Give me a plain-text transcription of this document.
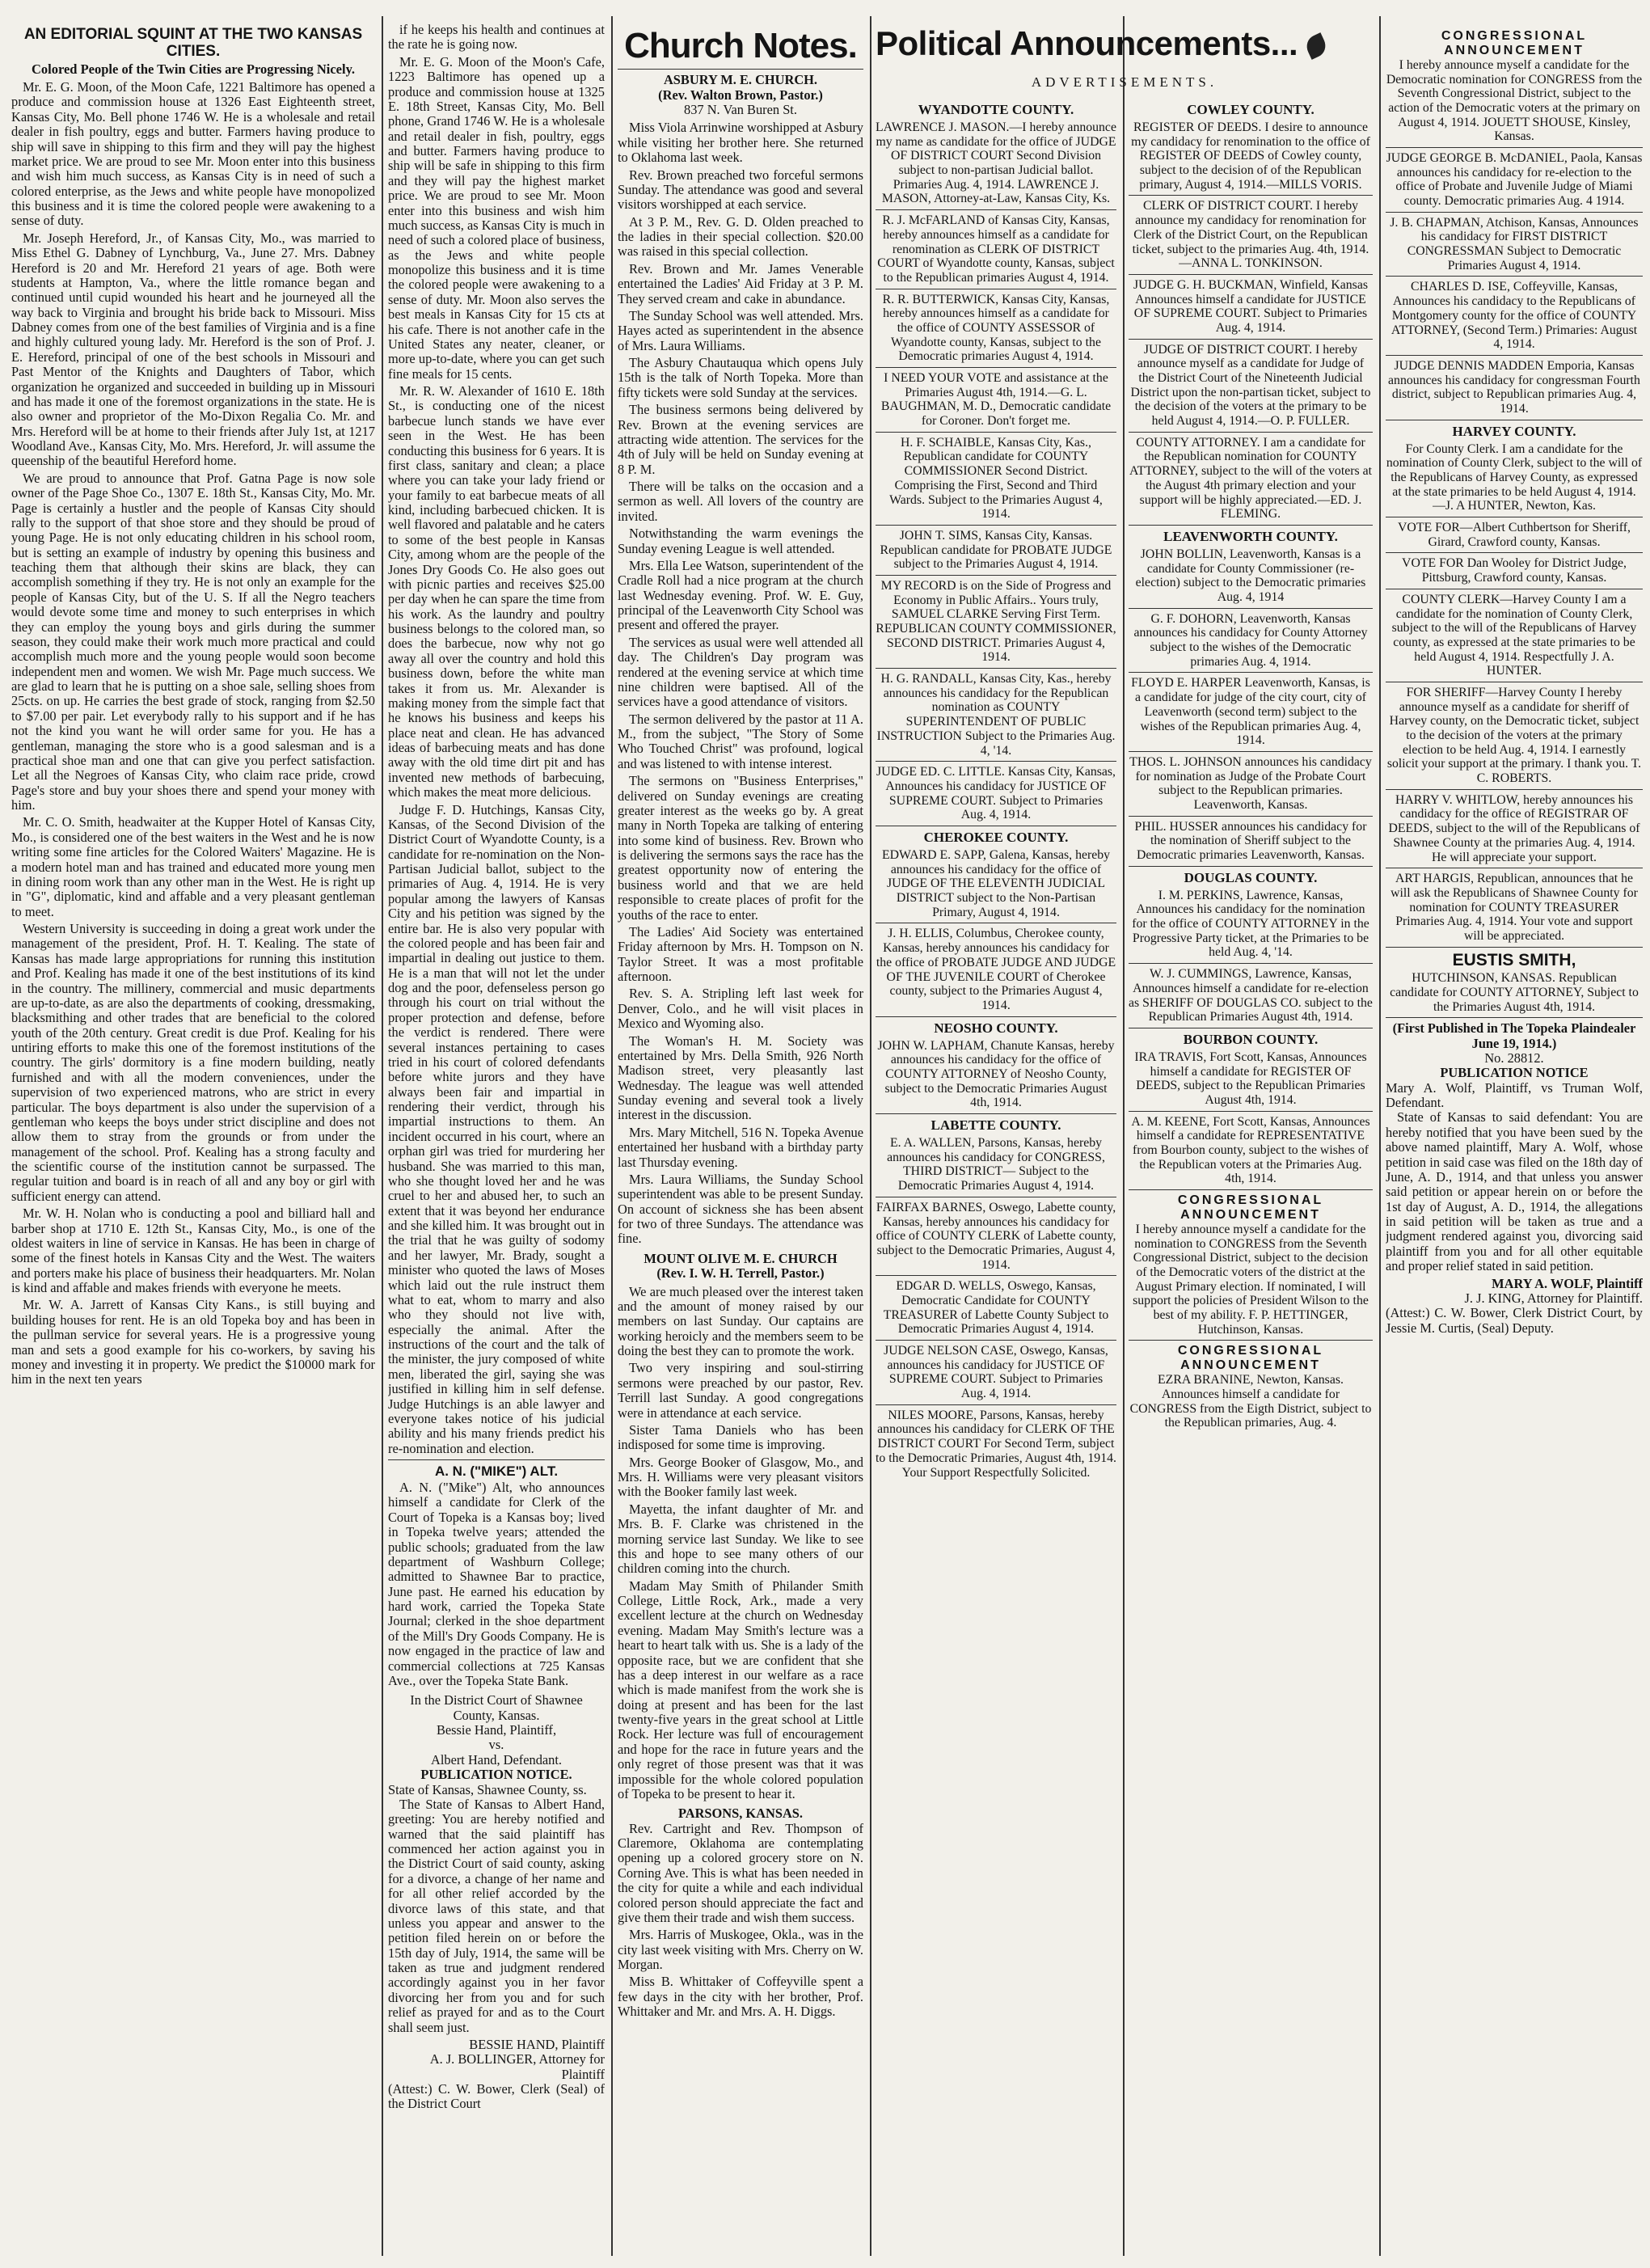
AN EDITORIAL SQUINT AT THE TWO KANSAS CITIES.
Colored People of the Twin Cities are Progressing Nicely.

Mr. E. G. Moon, of the Moon Cafe, 1221 Baltimore has opened a produce and commission house at 1326 East Eighteenth street, Kansas City, Mo. Bell phone 1746 W. He is a wholesale and retail dealer in fish poultry, eggs and butter. Farmers having produce to ship will save in shipping to this firm and they will pay the highest market price. We are proud to see Mr. Moon enter into this business and wish him much success, as Kansas City is in need of such a colored enterprise, as the Jews and white people have monopolized this business and it is time the colored people were awakening to a sense of duty.

Mr. Joseph Hereford, Jr., of Kansas City, Mo., was married to Miss Ethel G. Dabney of Lynchburg, Va., June 27. Mrs. Dabney Hereford is 20 and Mr. Hereford 21 years of age. Both were students at Hampton, Va., where the little romance began and continued until cupid wounded his heart and he journeyed all the way back to Virginia and brought his bride back to Missouri. Miss Dabney comes from one of the best families of Virginia and is a fine and highly cultured young lady. Mr. Hereford is the son of Prof. J. E. Hereford, principal of one of the best schools in Missouri and Past Mentor of the Knights and Daughters of Tabor, which organization he organized and succeeded in building up in Missouri and has made it one of the foremost organizations in the state. He is also owner and proprietor of the Mo-Dixon Regalia Co. Mr. and Mrs. Hereford will be at home to their friends after July 1st, at 1217 Woodland Ave., Kansas City, Mo. Mrs. Hereford, Jr. will assume the queenship of the beautiful Hereford home.

We are proud to announce that Prof. Gatna Page is now sole owner of the Page Shoe Co., 1307 E. 18th St., Kansas City, Mo. Mr. Page is certainly a hustler and the people of Kansas City should rally to the support of that shoe store and they should be proud of young Page. He is not only educating children in his school room, but is setting an example of industry by opening this business and teaching them that although their skins are black, they can accomplish something if they try. He is not only an example for the people of Kansas City, but of the U. S. If all the Negro teachers would devote some time and money to such enterprises in which they can employ the young boys and girls during the summer season, they could make their work much more practical and could accomplish much more and the young people would soon become independent men and women. We wish Mr. Page much success. We are glad to learn that he is putting on a shoe sale, selling shoes from 25cts. on up. He carries the best grade of stock, ranging from $2.50 to $7.00 per pair. Let everybody rally to his support and if he has not the kind you want he will order same for you. He has a gentleman, managing the store who is a good salesman and is a practical shoe man and one that can give you perfect satisfaction. Let all the Negroes of Kansas City, who claim race pride, crowd Page's store and buy your shoes there and spend your money with him.

Mr. C. O. Smith, headwaiter at the Kupper Hotel of Kansas City, Mo., is considered one of the best waiters in the West and he is now writing some fine articles for the Colored Waiters' Magazine. He is a modern hotel man and has trained and educated more young men in dining room work than any other man in the West. He is right up in "G", diplomatic, kind and affable and a very pleasant gentleman to meet.

Western University is succeeding in doing a great work under the management of the president, Prof. H. T. Kealing. The state of Kansas has made large appropriations for running this institution and Prof. Kealing has made it one of the best institutions of its kind in the country. The millinery, commercial and music departments are up-to-date, as are also the departments of cooking, dressmaking, blacksmithing and other trades that are beneficial to the colored youth of the 20th century. Great credit is due Prof. Kealing for his untiring efforts to make this one of the foremost institutions of the country. The girls' dormitory is a fine modern building, neatly furnished and with all the modern conveniences, under the supervision of two experienced matrons, who are strict in every particular. The boys department is also under the supervision of a gentleman who keeps the boys under strict discipline and does not allow them to stray from the grounds or from under the management of the school. Prof. Kealing has a strong faculty and the scientific course of the institution cannot be surpassed. The regular tuition and board is in reach of all and any boy or girl with sufficient energy can attend.

Mr. W. H. Nolan who is conducting a pool and billiard hall and barber shop at 1710 E. 12th St., Kansas City, Mo., is one of the oldest waiters in line of service in Kansas. He has been in charge of some of the finest hotels in Kansas City and the West. The waiters and porters make his place of business their headquarters. Mr. Nolan is kind and affable and makes friends with everyone he meets.

Mr. W. A. Jarrett of Kansas City Kans., is still buying and building houses for rent. He is an old Topeka boy and has been in the pullman service for several years. He is a progressive young man and sets a good example for his co-workers, by saving his money and investing it in property. We predict the $10000 mark for him in the next ten years

if he keeps his health and continues at the rate he is going now.

Mr. E. G. Moon of the Moon's Cafe, 1223 Baltimore has opened up a produce and commission house at 1325 E. 18th Street, Kansas City, Mo. Bell phone, Grand 1746 W. He is a wholesale and retail dealer in fish, poultry, eggs and butter. Farmers having produce to ship will be safe in shipping to this firm and they will pay the highest market price. We are proud to see Mr. Moon enter into this business and wish him much success, as Kansas City is much in need of such a colored place of business, as the Jews and white people monopolize this business and it is time the colored people were awakening to a sense of duty. Mr. Moon also serves the best meals in Kansas City for 15 cts at his cafe. There is not another cafe in the United States any neater, cleaner, or more up-to-date, where you can get such fine meals for 15 cents.

Mr. R. W. Alexander of 1610 E. 18th St., is conducting one of the nicest barbecue lunch stands we have ever seen in the West. He has been conducting this business for 6 years. It is first class, sanitary and clean; a place where you can take your lady friend or your family to eat barbecue meats of all kind, including barbecued chicken. It is well flavored and palatable and he caters to some of the best people in Kansas City, among whom are the people of the Jones Dry Goods Co. He also goes out with picnic parties and receives $25.00 per day when he can spare the time from his work. As the laundry and poultry business belongs to the colored man, so does the barbecue, now why not go away all over the country and hold this business down, before the white man takes it from us. Mr. Alexander is making money from the simple fact that he knows his business and keeps his place neat and clean. He has advanced ideas of barbecuing meats and has done away with the old time dirt pit and has invented new methods of barbecuing, which makes the meat more delicious.

Judge F. D. Hutchings, Kansas City, Kansas, of the Second Division of the District Court of Wyandotte County, is a candidate for re-nomination on the Non-Partisan Judicial ballot, subject to the primaries of Aug. 4, 1914. He is very popular among the lawyers of Kansas City and his petition was signed by the entire bar. He is also very popular with the colored people and has been fair and impartial in dealing out justice to them. He is a man that will not let the under dog and the poor, defenseless person go through his court on trial without the proper protection and defense, before the verdict is rendered. There were several instances pertaining to cases tried in his court of colored defendants before white jurors and they have always been fair and impartial in rendering their verdict, through his impartial instructions to them. An incident occurred in his court, where an orphan girl was tried for murdering her husband. She was married to this man, who she thought loved her and he was cruel to her and abused her, to such an extent that it was beyond her endurance and she killed him. It was brought out in the trial that he was guilty of sodomy and her lawyer, Mr. Brady, sought a minister who quoted the laws of Moses which laid out the rule instruct them what to eat, whom to marry and also who they should not live with, especially the animal. After the instructions of the court and the talk of the minister, the jury composed of white men, liberated the girl, saying she was justified in killing him in self defense. Judge Hutchings is an able lawyer and everyone takes notice of his judicial ability and his many friends predict his re-nomination and election.

A. N. ("MIKE") ALT.

A. N. ("Mike") Alt, who announces himself a candidate for Clerk of the Court of Topeka is a Kansas boy; lived in Topeka twelve years; attended the public schools; graduated from the law department of Washburn College; admitted to Shawnee Bar to practice, June past. He earned his education by hard work, carried the Topeka State Journal; clerked in the shoe department of the Mill's Dry Goods Company. He is now engaged in the practice of law and commercial collections at 725 Kansas Ave., over the Topeka State Bank.

In the District Court of Shawnee County, Kansas.
Bessie Hand, Plaintiff,
vs.
Albert Hand, Defendant.
PUBLICATION NOTICE.
State of Kansas, Shawnee County, ss.

The State of Kansas to Albert Hand, greeting: You are hereby notified and warned that the said plaintiff has commenced her action against you in the District Court of said county, asking for a divorce, a change of her name and for all other relief accorded by the divorce laws of this state, and that unless you appear and answer to the petition filed herein on or before the 15th day of July, 1914, the same will be taken as true and judgment rendered accordingly against you in her favor divorcing her from you and for such relief as prayed for and as to the Court shall seem just.

BESSIE HAND, Plaintiff
A. J. BOLLINGER, Attorney for Plaintiff
(Attest:) C. W. Bower, Clerk (Seal) of the District Court
Church Notes.
ASBURY M. E. CHURCH.
(Rev. Walton Brown, Pastor.)
837 N. Van Buren St.

Miss Viola Arrinwine worshipped at Asbury while visiting her brother here. She returned to Oklahoma last week.

Rev. Brown preached two forceful sermons Sunday. The attendance was good and several visitors worshipped at each service.

At 3 P. M., Rev. G. D. Olden preached to the ladies in their special collection. $20.00 was raised in this special collection.

Rev. Brown and Mr. James Venerable entertained the Ladies' Aid Friday at 3 P. M. They served cream and cake in abundance.

The Sunday School was well attended. Mrs. Hayes acted as superintendent in the absence of Mrs. Laura Williams.

The Asbury Chautauqua which opens July 15th is the talk of North Topeka. More than fifty tickets were sold Sunday at the services.

The business sermons being delivered by Rev. Brown at the evening services are attracting wide attention. The services for the 4th of July will be held on Sunday evening at 8 P. M.

There will be talks on the occasion and a sermon as well. All lovers of the country are invited.

Notwithstanding the warm evenings the Sunday evening League is well attended.

Mrs. Ella Lee Watson, superintendent of the Cradle Roll had a nice program at the church last Wednesday evening. Prof. W. E. Guy, principal of the Leavenworth City School was present and offered the prayer.

The services as usual were well attended all day. The Children's Day program was rendered at the evening service at which time nine children were baptised. All of the services have a good attendance of visitors.

The sermon delivered by the pastor at 11 A. M., from the subject, "The Story of Some Who Touched Christ" was profound, logical and was listened to with intense interest.

The sermons on "Business Enterprises," delivered on Sunday evenings are creating greater interest as the weeks go by. A great many in North Topeka are talking of entering into some kind of business. Rev. Brown who is delivering the sermons says the race has the greatest opportunity now of entering the business world and that we are held responsible to create places of profit for the youths of the race to enter.

The Ladies' Aid Society was entertained Friday afternoon by Mrs. H. Tompson on N. Taylor Street. It was a most profitable afternoon.

Rev. S. A. Stripling left last week for Denver, Colo., and he will visit places in Mexico and Wyoming also.

The Woman's H. M. Society was entertained by Mrs. Della Smith, 926 North Madison street, very pleasantly last Wednesday. The league was well attended Sunday evening and several took a lively interest in the discussion.

Mrs. Mary Mitchell, 516 N. Topeka Avenue entertained her husband with a birthday party last Thursday evening.

Mrs. Laura Williams, the Sunday School superintendent was able to be present Sunday. On account of sickness she has been absent for two of three Sundays. The attendance was fine.

MOUNT OLIVE M. E. CHURCH
(Rev. I. W. H. Terrell, Pastor.)

We are much pleased over the interest taken and the amount of money raised by our members on last Sunday. Our captains are working heroicly and the members seem to be doing the best they can to promote the work.

Two very inspiring and soul-stirring sermons were preached by our pastor, Rev. Terrill last Sunday. A good congregations were in attendance at each service.

Sister Tama Daniels who has been indisposed for some time is improving.

Mrs. George Booker of Glasgow, Mo., and Mrs. H. Williams were very pleasant visitors with the Booker family last week.

Mayetta, the infant daughter of Mr. and Mrs. B. F. Clarke was christened in the morning service last Sunday. We like to see this and hope to see many others of our children coming into the church.

Madam May Smith of Philander Smith College, Little Rock, Ark., made a very excellent lecture at the church on Wednesday evening. Madam May Smith's lecture was a heart to heart talk with us. She is a lady of the opposite race, but we are confident that she has a deep interest in our welfare as a race which is made manifest from the work she is doing at present and has been for the last twenty-five years in the great school at Little Rock. Her lecture was full of encouragement and hope for the race in future years and the only regret of those present was that it was impossible for the whole colored population of Topeka to be present to hear it.

PARSONS, KANSAS.

Rev. Cartright and Rev. Thompson of Claremore, Oklahoma are contemplating opening up a colored grocery store on N. Corning Ave. This is what has been needed in the city for quite a while and each individual colored person should appreciate the fact and give them their trade and wish them success.

Mrs. Harris of Muskogee, Okla., was in the city last week visiting with Mrs. Cherry on W. Morgan.

Miss B. Whittaker of Coffeyville spent a few days in the city with her brother, Prof. Whittaker and Mr. and Mrs. A. H. Diggs.

Political Announcements...
ADVERTISEMENTS.
WYANDOTTE COUNTY.
LAWRENCE J. MASON.—I hereby announce my name as candidate for the office of JUDGE OF DISTRICT COURT Second Division subject to non-partisan Judicial ballot. Primaries Aug. 4, 1914. LAWRENCE J. MASON, Attorney-at-Law, Kansas City, Ks.
R. J. McFARLAND of Kansas City, Kansas, hereby announces himself as a candidate for renomination as CLERK OF DISTRICT COURT of Wyandotte county, Kansas, subject to the Republican primaries August 4, 1914.
R. R. BUTTERWICK, Kansas City, Kansas, hereby announces himself as a candidate for the office of COUNTY ASSESSOR of Wyandotte county, Kansas, subject to the Democratic primaries August 4, 1914.
I NEED YOUR VOTE and assistance at the Primaries August 4th, 1914.—G. L. BAUGHMAN, M. D., Democratic candidate for Coroner. Don't forget me.
H. F. SCHAIBLE, Kansas City, Kas., Republican candidate for COUNTY COMMISSIONER Second District. Comprising the First, Second and Third Wards. Subject to the Primaries August 4, 1914.
JOHN T. SIMS, Kansas City, Kansas. Republican candidate for PROBATE JUDGE subject to the Primaries August 4, 1914.
MY RECORD is on the Side of Progress and Economy in Public Affairs.. Yours truly, SAMUEL CLARKE Serving First Term. REPUBLICAN COUNTY COMMISSIONER, SECOND DISTRICT. Primaries August 4, 1914.
H. G. RANDALL, Kansas City, Kas., hereby announces his candidacy for the Republican nomination as COUNTY SUPERINTENDENT OF PUBLIC INSTRUCTION Subject to the Primaries Aug. 4, '14.
JUDGE ED. C. LITTLE. Kansas City, Kansas, Announces his candidacy for JUSTICE OF SUPREME COURT. Subject to Primaries Aug. 4, 1914.
CHEROKEE COUNTY.
EDWARD E. SAPP, Galena, Kansas, hereby announces his candidacy for the office of JUDGE OF THE ELEVENTH JUDICIAL DISTRICT subject to the Non-Partisan Primary, August 4, 1914.
J. H. ELLIS, Columbus, Cherokee county, Kansas, hereby announces his candidacy for the office of PROBATE JUDGE AND JUDGE OF THE JUVENILE COURT of Cherokee county, subject to the Primaries August 4, 1914.
NEOSHO COUNTY.
JOHN W. LAPHAM, Chanute Kansas, hereby announces his candidacy for the office of COUNTY ATTORNEY of Neosho County, subject to the Democratic Primaries August 4th, 1914.
LABETTE COUNTY.
E. A. WALLEN, Parsons, Kansas, hereby announces his candidacy for CONGRESS, THIRD DISTRICT— Subject to the Democratic Primaries August 4, 1914.
FAIRFAX BARNES, Oswego, Labette county, Kansas, hereby announces his candidacy for office of COUNTY CLERK of Labette county, subject to the Democratic Primaries, August 4, 1914.
EDGAR D. WELLS, Oswego, Kansas, Democratic Candidate for COUNTY TREASURER of Labette County Subject to Democratic Primaries August 4, 1914.
JUDGE NELSON CASE, Oswego, Kansas, announces his candidacy for JUSTICE OF SUPREME COURT. Subject to Primaries Aug. 4, 1914.
NILES MOORE, Parsons, Kansas, hereby announces his candidacy for CLERK OF THE DISTRICT COURT For Second Term, subject to the Democratic Primaries, August 4th, 1914. Your Support Respectfully Solicited.
COWLEY COUNTY.
REGISTER OF DEEDS. I desire to announce my candidacy for renomination to the office of REGISTER OF DEEDS of Cowley county, subject to the decision of of the Republican primary, August 4, 1914.—MILLS VORIS.
CLERK OF DISTRICT COURT. I hereby announce my candidacy for renomination for Clerk of the District Court, on the Republican ticket, subject to the primaries Aug. 4th, 1914.—ANNA L. TONKINSON.
JUDGE G. H. BUCKMAN, Winfield, Kansas Announces himself a candidate for JUSTICE OF SUPREME COURT. Subject to Primaries Aug. 4, 1914.
JUDGE OF DISTRICT COURT. I hereby announce myself as a candidate for Judge of the District Court of the Nineteenth Judicial District upon the non-partisan ticket, subject to the decision of the voters at the primary to be held August 4, 1914.—O. P. FULLER.
COUNTY ATTORNEY. I am a candidate for the Republican nomination for COUNTY ATTORNEY, subject to the will of the voters at the August 4th primary election and your support will be highly appreciated.—ED. J. FLEMING.
LEAVENWORTH COUNTY.
JOHN BOLLIN, Leavenworth, Kansas is a candidate for County Commissioner (re-election) subject to the Democratic primaries Aug. 4, 1914
G. F. DOHORN, Leavenworth, Kansas announces his candidacy for County Attorney subject to the wishes of the Democratic primaries Aug. 4, 1914.
FLOYD E. HARPER Leavenworth, Kansas, is a candidate for judge of the city court, city of Leavenworth (second term) subject to the wishes of the Republican primaries Aug. 4, 1914.
THOS. L. JOHNSON announces his candidacy for nomination as Judge of the Probate Court subject to the Republican primaries. Leavenworth, Kansas.
PHIL. HUSSER announces his candidacy for the nomination of Sheriff subject to the Democratic primaries Leavenworth, Kansas.
DOUGLAS COUNTY.
I. M. PERKINS, Lawrence, Kansas, Announces his candidacy for the nomination for the office of COUNTY ATTORNEY in the Progressive Party ticket, at the Primaries to be held Aug. 4, '14.
W. J. CUMMINGS, Lawrence, Kansas, Announces himself a candidate for re-election as SHERIFF OF DOUGLAS CO. subject to the Republican Primaries August 4th, 1914.
BOURBON COUNTY.
IRA TRAVIS, Fort Scott, Kansas, Announces himself a candidate for REGISTER OF DEEDS, subject to the Republican Primaries August 4th, 1914.
A. M. KEENE, Fort Scott, Kansas, Announces himself a candidate for REPRESENTATIVE from Bourbon county, subject to the wishes of the Republican voters at the Primaries Aug. 4th, 1914.
CONGRESSIONAL ANNOUNCEMENT
I hereby announce myself a candidate for the nomination to CONGRESS from the Seventh Congressional District, subject to the decision of the Democratic voters of the district at the August Primary election. If nominated, I will support the policies of President Wilson to the best of my ability. F. P. HETTINGER, Hutchinson, Kansas.
CONGRESSIONAL ANNOUNCEMENT
EZRA BRANINE, Newton, Kansas. Announces himself a candidate for CONGRESS from the Eigth District, subject to the Republican primaries, Aug. 4.
CONGRESSIONAL ANNOUNCEMENT
I hereby announce myself a candidate for the Democratic nomination for CONGRESS from the Seventh Congressional District, subject to the action of the Democratic voters at the primary on August 4, 1914. JOUETT SHOUSE, Kinsley, Kansas.
JUDGE GEORGE B. McDANIEL, Paola, Kansas announces his candidacy for re-election to the office of Probate and Juvenile Judge of Miami county. Democratic primaries Aug. 4 1914.
J. B. CHAPMAN, Atchison, Kansas, Announces his candidacy for FIRST DISTRICT CONGRESSMAN Subject to Democratic Primaries August 4, 1914.
CHARLES D. ISE, Coffeyville, Kansas, Announces his candidacy to the Republicans of Montgomery county for the office of COUNTY ATTORNEY, (Second Term.) Primaries: August 4, 1914.
JUDGE DENNIS MADDEN Emporia, Kansas announces his candidacy for congressman Fourth district, subject to Republican primaries Aug. 4, 1914.
HARVEY COUNTY.
For County Clerk. I am a candidate for the nomination of County Clerk, subject to the will of the Republicans of Harvey County, as expressed at the state primaries to be held August 4, 1914. —J. A HUNTER, Newton, Kas.
VOTE FOR—Albert Cuthbertson for Sheriff, Girard, Crawford county, Kansas.
VOTE FOR Dan Wooley for District Judge, Pittsburg, Crawford county, Kansas.
COUNTY CLERK—Harvey County I am a candidate for the nomination of County Clerk, subject to the will of the Republicans of Harvey county, as expressed at the state primaries to be held August 4, 1914. Respectfully J. A. HUNTER.
FOR SHERIFF—Harvey County I hereby announce myself as a candidate for sheriff of Harvey county, on the Democratic ticket, subject to the decision of the voters at the primary election to be held Aug. 4, 1914. I earnestly solicit your support at the primary. I thank you. T. C. ROBERTS.
HARRY V. WHITLOW, hereby announces his candidacy for the office of REGISTRAR OF DEEDS, subject to the will of the Republicans of Shawnee County at the primaries Aug. 4, 1914. He will appreciate your support.
ART HARGIS, Republican, announces that he will ask the Republicans of Shawnee County for nomination for COUNTY TREASURER Primaries Aug. 4, 1914. Your vote and support will be appreciated.
EUSTIS SMITH,
HUTCHINSON, KANSAS. Republican candidate for COUNTY ATTORNEY, Subject to the Primaries August 4th, 1914.
(First Published in The Topeka Plaindealer June 19, 1914.)
No. 28812.
PUBLICATION NOTICE
Mary A. Wolf, Plaintiff, vs Truman Wolf, Defendant.

State of Kansas to said defendant: You are hereby notified that you have been sued by the above named plaintiff, Mary A. Wolf, whose petition in said case was filed on the 18th day of June, A. D., 1914, and that unless you answer said petition or appear herein on or before the 1st day of August, A. D., 1914, the allegations in said petition will be taken as true and a judgment rendered against you, divorcing said plaintiff from you and for all other equitable and proper relief stated in said petition.

MARY A. WOLF, Plaintiff
J. J. KING, Attorney for Plaintiff.
(Attest:) C. W. Bower, Clerk District Court, by Jessie M. Curtis, (Seal) Deputy.
